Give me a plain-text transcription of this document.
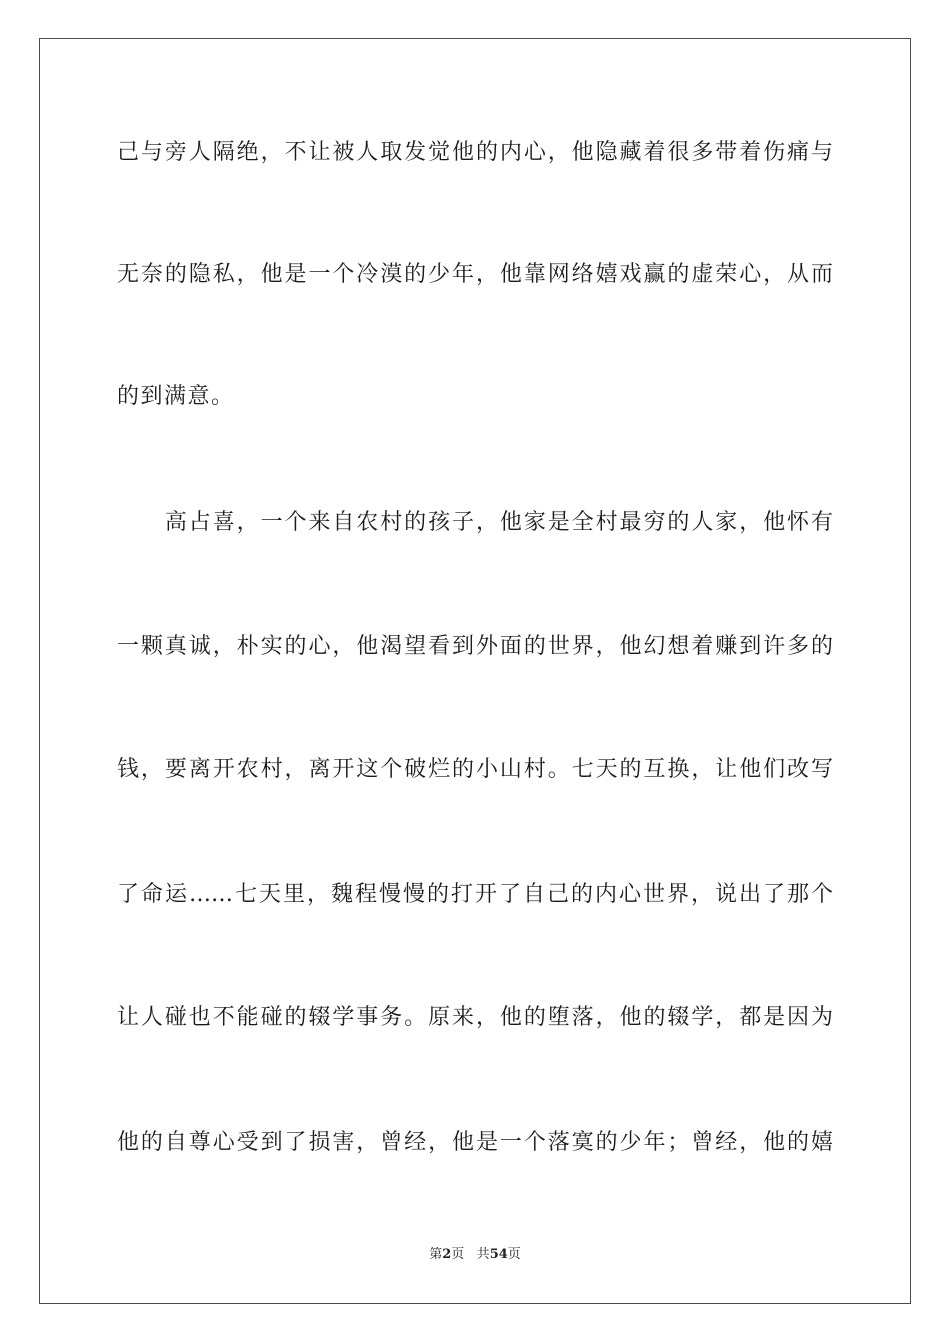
己与旁人隔绝，不让被人取发觉他的内心，他隐藏着很多带着伤痛与
无奈的隐私，他是一个冷漠的少年，他靠网络嬉戏赢的虚荣心，从而
的到满意。
　　高占喜，一个来自农村的孩子，他家是全村最穷的人家，他怀有
一颗真诚，朴实的心，他渴望看到外面的世界，他幻想着赚到许多的
钱，要离开农村，离开这个破烂的小山村。七天的互换，让他们改写
了命运……七天里，魏程慢慢的打开了自己的内心世界，说出了那个
让人碰也不能碰的辍学事务。原来，他的堕落，他的辍学，都是因为
他的自尊心受到了损害，曾经，他是一个落寞的少年；曾经，他的嬉
第2页 共54页
